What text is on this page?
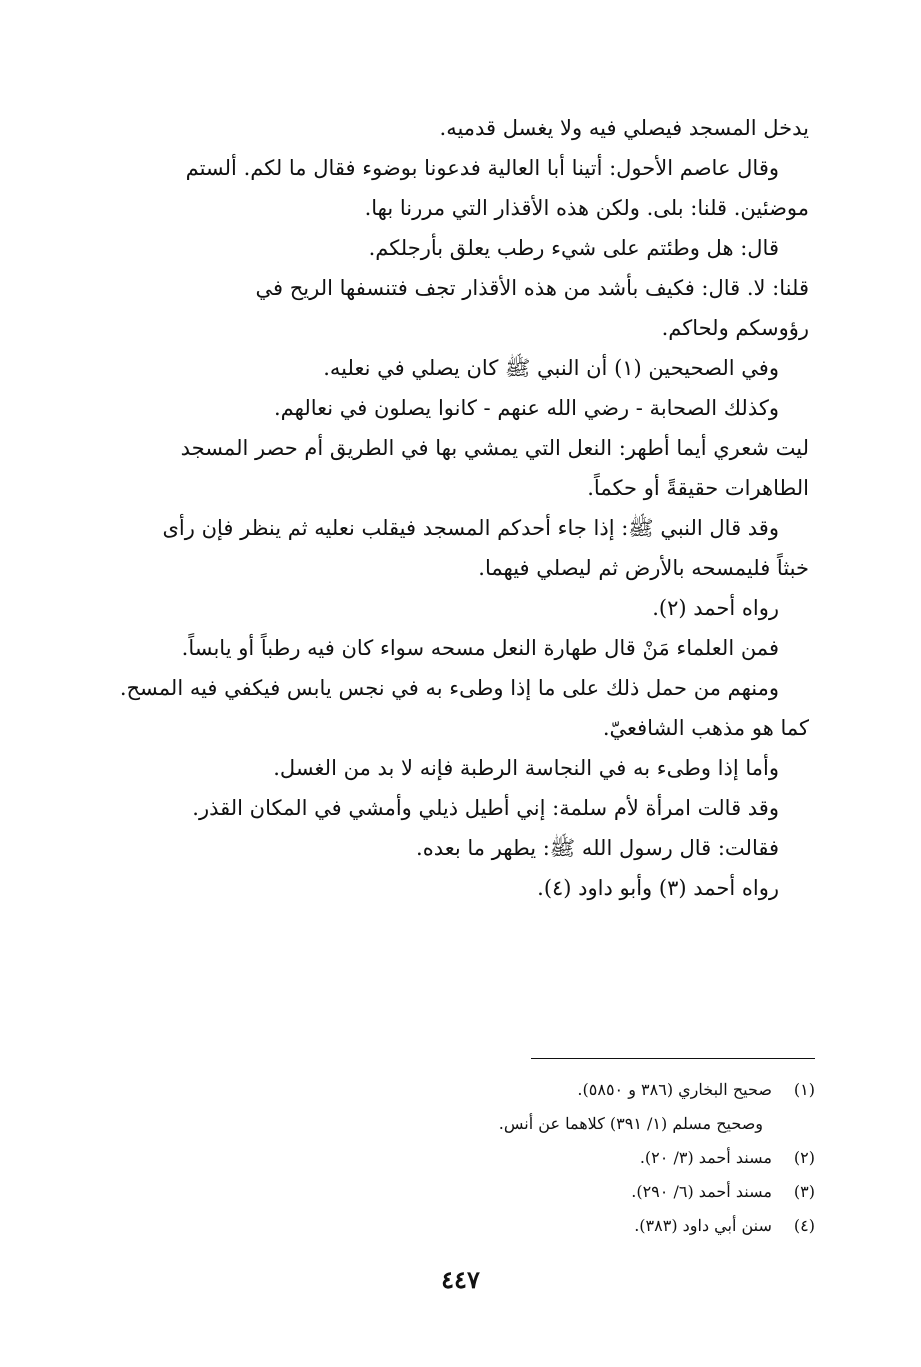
يدخل المسجد فيصلي فيه ولا يغسل قدميه.
وقال عاصم الأحول: أتينا أبا العالية فدعونا بوضوء فقال ما لكم. ألستم
موضئين. قلنا: بلى. ولكن هذه الأقذار التي مررنا بها.
قال: هل وطئتم على شيء رطب يعلق بأرجلكم.
قلنا: لا. قال: فكيف بأشد من هذه الأقذار تجف فتنسفها الريح في
رؤوسكم ولحاكم.
وفي الصحيحين (١) أن النبي ﷺ كان يصلي في نعليه.
وكذلك الصحابة - رضي الله عنهم - كانوا يصلون في نعالهم.
ليت شعري أيما أطهر: النعل التي يمشي بها في الطريق أم حصر المسجد
الطاهرات حقيقةً أو حكماً.
وقد قال النبي ﷺ: إذا جاء أحدكم المسجد فيقلب نعليه ثم ينظر فإن رأى
خبثاً فليمسحه بالأرض ثم ليصلي فيهما.
رواه أحمد (٢).
فمن العلماء مَنْ قال طهارة النعل مسحه سواء كان فيه رطباً أو يابساً.
ومنهم من حمل ذلك على ما إذا وطىء به في نجس يابس فيكفي فيه المسح.
كما هو مذهب الشافعيّ.
وأما إذا وطىء به في النجاسة الرطبة فإنه لا بد من الغسل.
وقد قالت امرأة لأم سلمة: إني أطيل ذيلي وأمشي في المكان القذر.
فقالت: قال رسول الله ﷺ: يطهر ما بعده.
رواه أحمد (٣) وأبو داود (٤).
(١) صحيح البخاري (٣٨٦ و ٥٨٥٠).
وصحيح مسلم (١/ ٣٩١) كلاهما عن أنس.
(٢) مسند أحمد (٣/ ٢٠).
(٣) مسند أحمد (٦/ ٢٩٠).
(٤) سنن أبي داود (٣٨٣).
٤٤٧
